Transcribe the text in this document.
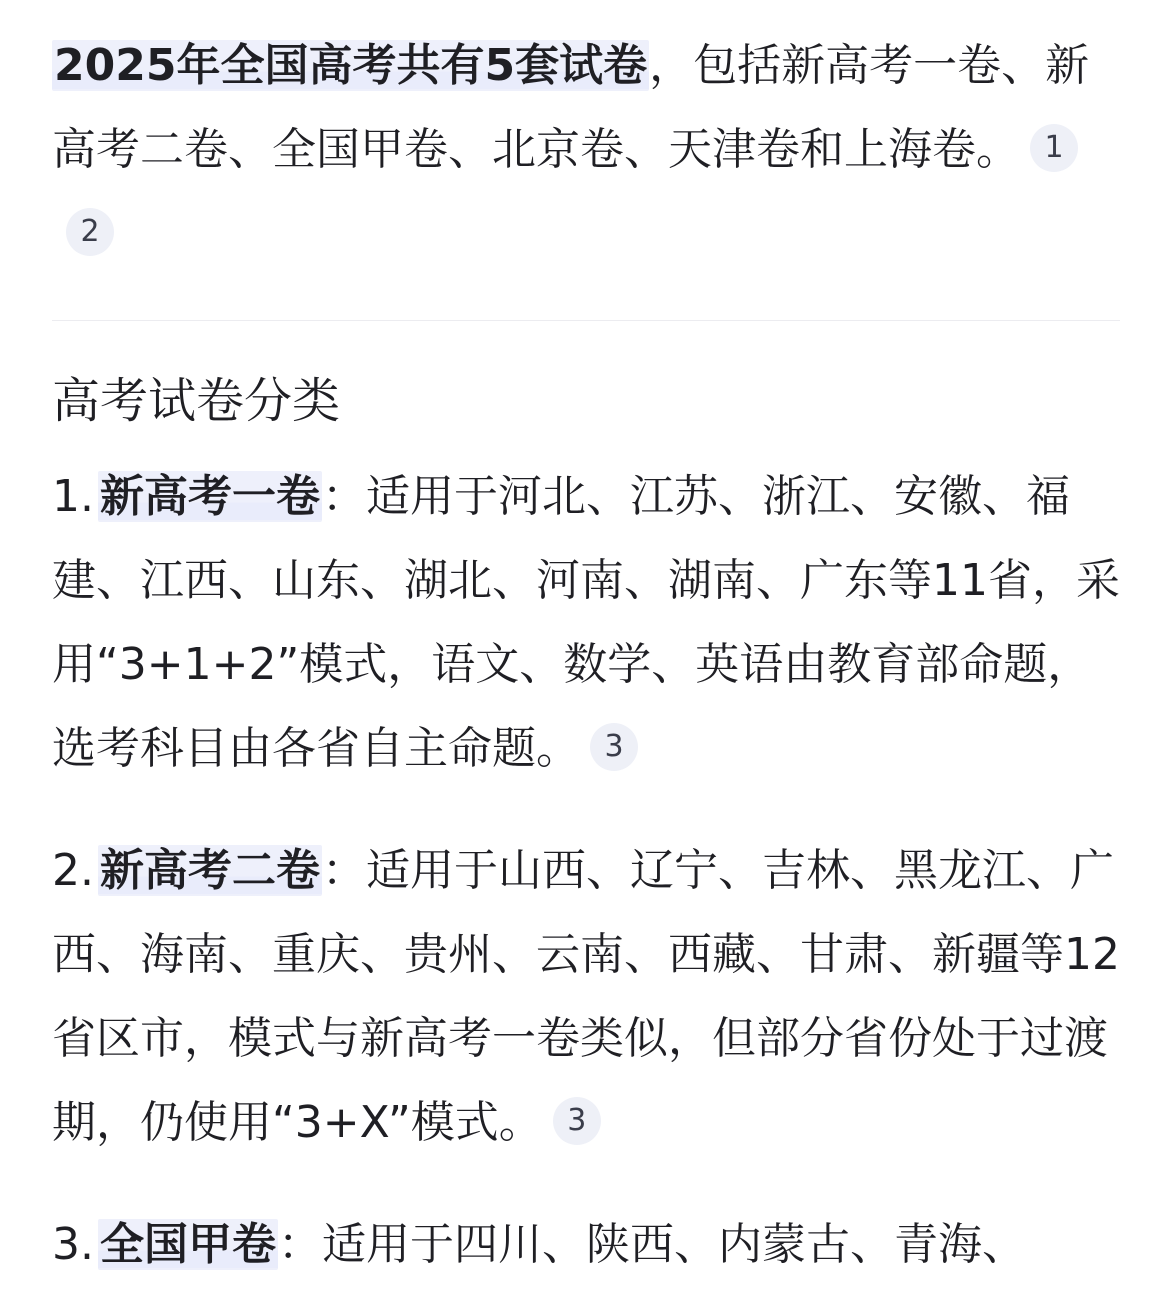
2025年全国高考共有5套试卷，包括新高考一卷、新高考二卷、全国甲卷、北京卷、天津卷和上海卷。 12

高考试卷分类

1. 新高考一卷：适用于河北、江苏、浙江、安徽、福建、江西、山东、湖北、河南、湖南、广东等11省，采用“3+1+2”模式，语文、数学、英语由教育部命题，选考科目由各省自主命题。 3

2. 新高考二卷：适用于山西、辽宁、吉林、黑龙江、广西、海南、重庆、贵州、云南、西藏、甘肃、新疆等12省区市，模式与新高考一卷类似，但部分省份处于过渡期，仍使用“3+X”模式。 3

3. 全国甲卷：适用于四川、陕西、内蒙古、青海、
